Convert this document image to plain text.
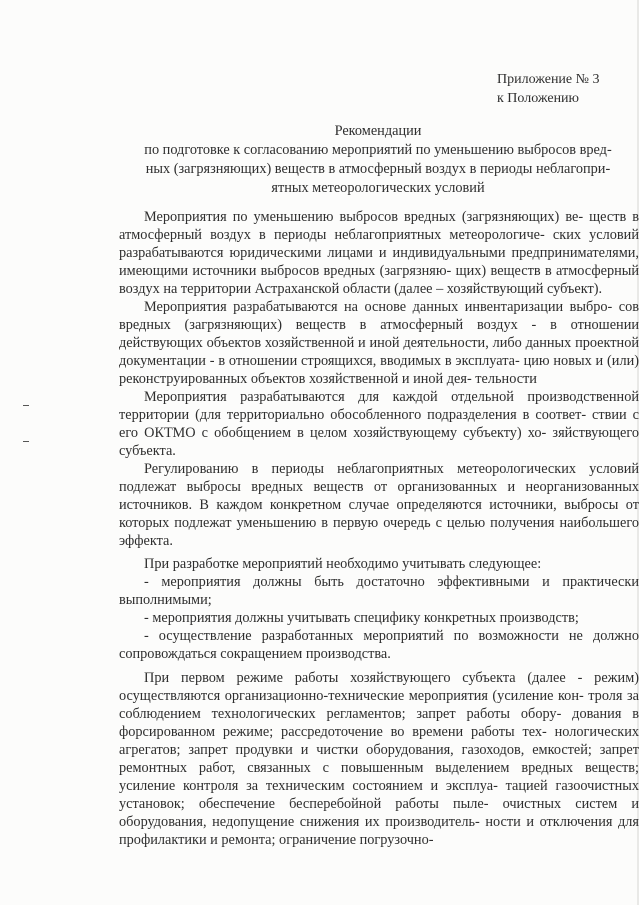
Приложение № 3
к Положению
Рекомендации
по подготовке к согласованию мероприятий по уменьшению выбросов вред-
ных (загрязняющих) веществ в атмосферный воздух в периоды неблагопри-
ятных метеорологических условий

Мероприятия по уменьшению выбросов вредных (загрязняющих) ве- ществ в атмосферный воздух в периоды неблагоприятных метеорологиче- ских условий разрабатываются юридическими лицами и индивидуальными предпринимателями, имеющими источники выбросов вредных (загрязняю- щих) веществ в атмосферный воздух на территории Астраханской области (далее – хозяйствующий субъект).

Мероприятия разрабатываются на основе данных инвентаризации выбро- сов вредных (загрязняющих) веществ в атмосферный воздух - в отношении действующих объектов хозяйственной и иной деятельности, либо данных проектной документации - в отношении строящихся, вводимых в эксплуата- цию новых и (или) реконструированных объектов хозяйственной и иной дея- тельности

Мероприятия разрабатываются для каждой отдельной производственной территории (для территориально обособленного подразделения в соответ- ствии с его ОКТМО с обобщением в целом хозяйствующему субъекту) хо- зяйствующего субъекта.

Регулированию в периоды неблагоприятных метеорологических условий подлежат выбросы вредных веществ от организованных и неорганизованных источников. В каждом конкретном случае определяются источники, выбросы от которых подлежат уменьшению в первую очередь с целью получения наибольшего эффекта.

При разработке мероприятий необходимо учитывать следующее:

- мероприятия должны быть достаточно эффективными и практически выполнимыми;

- мероприятия должны учитывать специфику конкретных производств;

- осуществление разработанных мероприятий по возможности не должно сопровождаться сокращением производства.

При первом режиме работы хозяйствующего субъекта (далее - режим) осуществляются организационно-технические мероприятия (усиление кон- троля за соблюдением технологических регламентов; запрет работы обору- дования в форсированном режиме; рассредоточение во времени работы тех- нологических агрегатов; запрет продувки и чистки оборудования, газоходов, емкостей; запрет ремонтных работ, связанных с повышенным выделением вредных веществ; усиление контроля за техническим состоянием и эксплуа- тацией газоочистных установок; обеспечение бесперебойной работы пыле- очистных систем и оборудования, недопущение снижения их производитель- ности и отключения для профилактики и ремонта; ограничение погрузочно-
